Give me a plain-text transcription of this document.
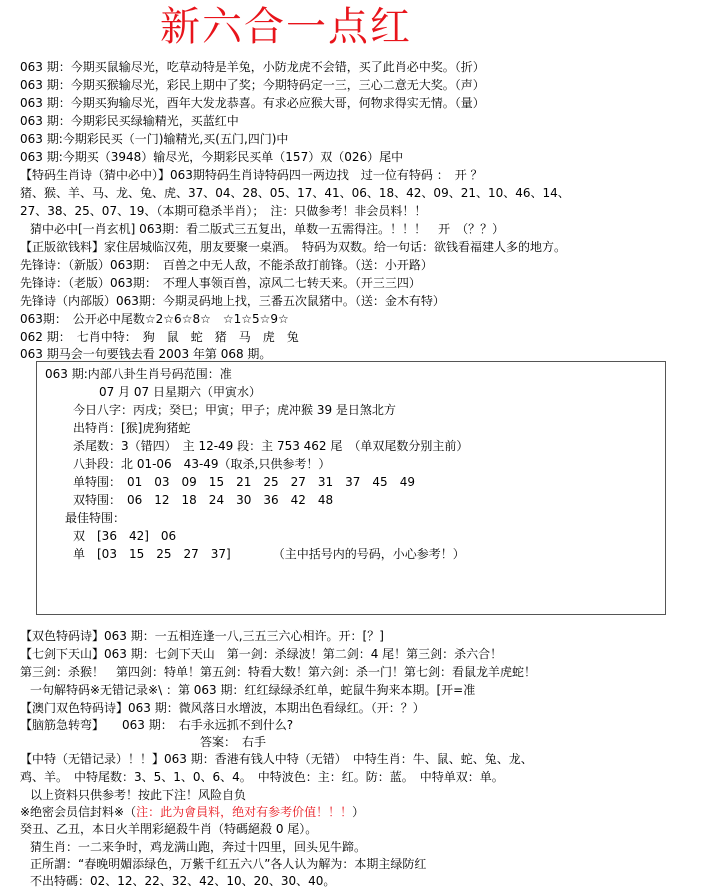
新六合一点红
063 期：今期买鼠输尽光，吃草动特是羊兔，小防龙虎不会错，买了此肖必中奖。（折）
063 期：今期买猴输尽光，彩民上期中了奖；今期特码定一三，三心二意无大奖。（声）
063 期：今期买狗输尽光，酉年大发龙恭喜。有求必应猴大哥，何物求得实无情。（量）
063 期：今期彩民买绿输精光，买蓝红中
063 期:今期彩民买（一门)输精光,买(五门,四门)中
063 期:今期买（3948）输尽光，今期彩民买单（157）双（026）尾中
【特码生肖诗（猜中必中）】063期特码生肖诗特码四一两边找　过一位有特码 ：　开 ？
猪、猴、羊、马、龙、兔、虎、37、04、28、05、17、41、06、18、42、09、21、10、46、14、
27、38、25、07、19、（本期可稳杀半肖）；　注：只做参考！非会员料！！
猜中必中[一肖玄机] 063期：看二版式三五复出，单数一五需得注。！！！　开　（？？）
【正版欲钱料】家住居城临汉苑，朋友要聚一桌酒。　特码为双数。给一句话：欲钱看福建人多的地方。
先锋诗：（新版）063期：　百兽之中无人敌，不能杀敌打前锋。（送：小开路）
先锋诗：（老版）063期：　不理人事领百兽，凉风二七转天来。（开三三四）
先锋诗（内部版）063期：今期灵码地上找，三番五次鼠猪中。（送：金木有特）
063期：　公开必中尾数☆2☆6☆8☆　☆1☆5☆9☆
062 期：　七肖中特：　狗　鼠　蛇　猪　马　虎　兔
063 期马会一句要钱去看 2003 年第 068 期。
063 期:内部八卦生肖号码范围：准
07 月 07 日星期六（甲寅水）
今日八字：丙戌；癸巳；甲寅；甲子；虎冲猴 39 是日煞北方
出特肖：[猴]虎狗猪蛇
杀尾数：3（错四）　主 12-49 段：主 753 462 尾　（单双尾数分别主前）
八卦段：北 01-06　43-49（取杀,只供参考！）
单特围：　01　03　09　15　21　25　27　31　37　45　49
双特围：　06　12　18　24　30　36　42　48
最佳特围：
双　[36　42]　06
单　[03　15　25　27　37]　　　　（主中括号内的号码，小心参考！）
【双色特码诗】063 期：一五相连逢一八,三五三六心相许。开：[？]
【七剑下天山】063 期：七剑下天山　第一剑：杀绿波！第二剑：4 尾！第三剑：杀六合！
第三剑：杀猴！　第四剑：特单！第五剑：特看大数！第六剑：杀一门！第七剑：看鼠龙羊虎蛇！
一句解特码※无错记录※\ ：第 063 期：红红绿绿杀红单，蛇鼠牛狗来本期。[开=准
【澳门双色特码诗】063 期：微风落日水增波，本期出色看绿红。（开：？）
【脑筋急转弯】　　063 期：　右手永远抓不到什么?
答案：　右手
【中特（无错记录）！！】063 期：香港有钱人中特（无错）　中特生肖：牛、鼠、蛇、兔、龙、
鸡、羊。　中特尾数：3、5、1、0、6、4。　中特波色：主：红。防：蓝。　中特单双：单。
以上资料只供参考！按此下注！风险自负
※绝密会员信封料※（注：此为會員料，绝对有参考价值！！！）
癸丑、乙丑，本日火羊閈彩絕殺牛肖（特碼絕殺 0 尾）。
猜生肖：一二来争时，鸡龙满山跑，奔过十四里，回头见牛蹄。
正所謂：“春晚明媚添绿色，万紫千红五六八”各人认为解为：本期主绿防红
不出特碼：02、12、22、32、42、10、20、30、40。
